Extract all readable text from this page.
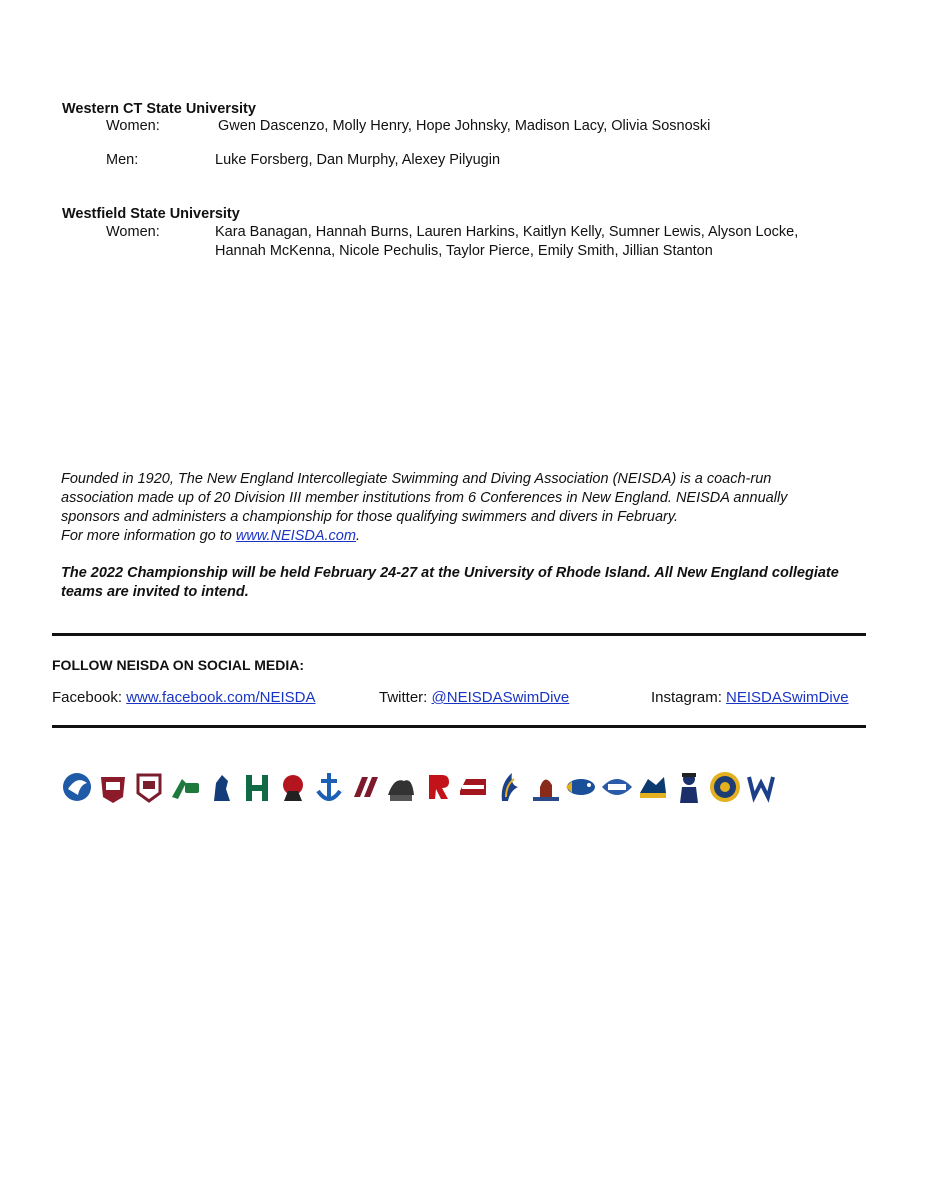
Western CT State University
Women:	Gwen Dascenzo, Molly Henry, Hope Johnsky, Madison Lacy, Olivia Sosnoski
Men:	Luke Forsberg, Dan Murphy, Alexey Pilyugin
Westfield State University
Women:	Kara Banagan, Hannah Burns, Lauren Harkins, Kaitlyn Kelly, Sumner Lewis, Alyson Locke,
Hannah McKenna, Nicole Pechulis, Taylor Pierce, Emily Smith, Jillian Stanton
Founded in 1920, The New England Intercollegiate Swimming and Diving Association (NEISDA) is a coach-run
association made up of 20 Division III member institutions from 6 Conferences in New England. NEISDA annually
sponsors and administers a championship for those qualifying swimmers and divers in February.
For more information go to www.NEISDA.com.
The 2022 Championship will be held February 24-27 at the University of Rhode Island. All New England collegiate
teams are invited to intend.
FOLLOW NEISDA ON SOCIAL MEDIA:
Facebook: www.facebook.com/NEISDA	Twitter: @NEISDASwimDive	Instagram: NEISDASwimDive
